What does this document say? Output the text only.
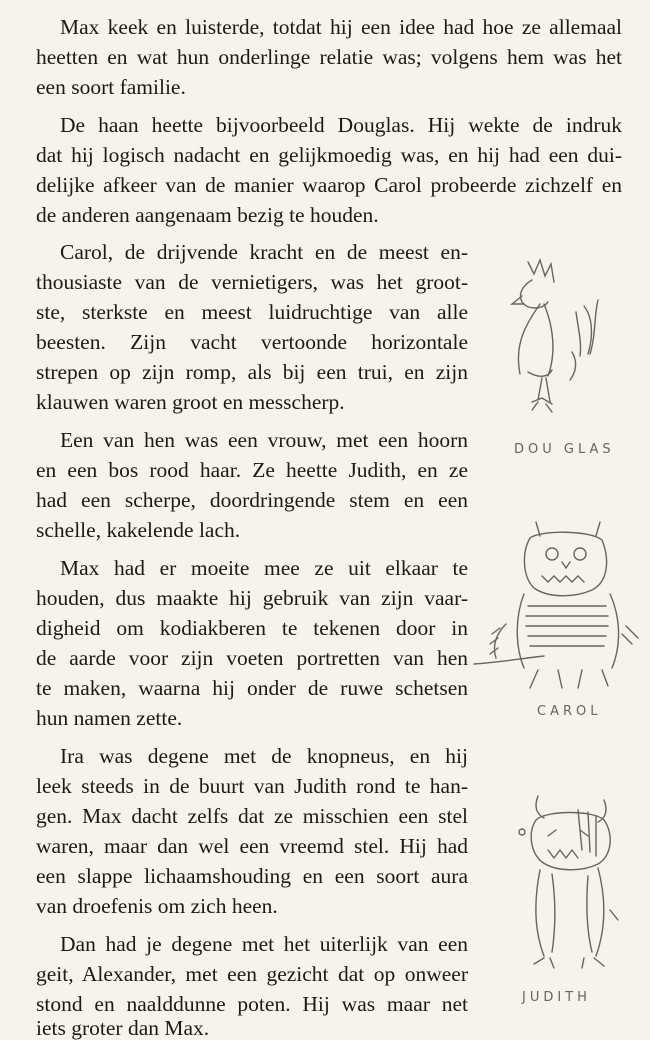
Max keek en luisterde, totdat hij een idee had hoe ze allemaal
heetten en wat hun onderlinge relatie was; volgens hem was het
een soort familie.
De haan heette bijvoorbeeld Douglas. Hij wekte de indruk
dat hij logisch nadacht en gelijkmoedig was, en hij had een dui-
delijke afkeer van de manier waarop Carol probeerde zichzelf en
de anderen aangenaam bezig te houden.
Carol, de drijvende kracht en de meest en-
thousiaste van de vernietigers, was het groot-
ste, sterkste en meest luidruchtige van alle
beesten. Zijn vacht vertoonde horizontale
strepen op zijn romp, als bij een trui, en zijn
klauwen waren groot en messcherp.
Een van hen was een vrouw, met een hoorn
en een bos rood haar. Ze heette Judith, en ze
had een scherpe, doordringende stem en een
schelle, kakelende lach.
Max had er moeite mee ze uit elkaar te
houden, dus maakte hij gebruik van zijn vaar-
digheid om kodiakberen te tekenen door in
de aarde voor zijn voeten portretten van hen
te maken, waarna hij onder de ruwe schetsen
hun namen zette.
Ira was degene met de knopneus, en hij
leek steeds in de buurt van Judith rond te han-
gen. Max dacht zelfs dat ze misschien een stel
waren, maar dan wel een vreemd stel. Hij had
een slappe lichaamshouding en een soort aura
van droefenis om zich heen.
Dan had je degene met het uiterlijk van een
geit, Alexander, met een gezicht dat op onweer
stond en naalddunne poten. Hij was maar net
iets groter dan Max.
DOU GLAS
CAROL
JUDITH
